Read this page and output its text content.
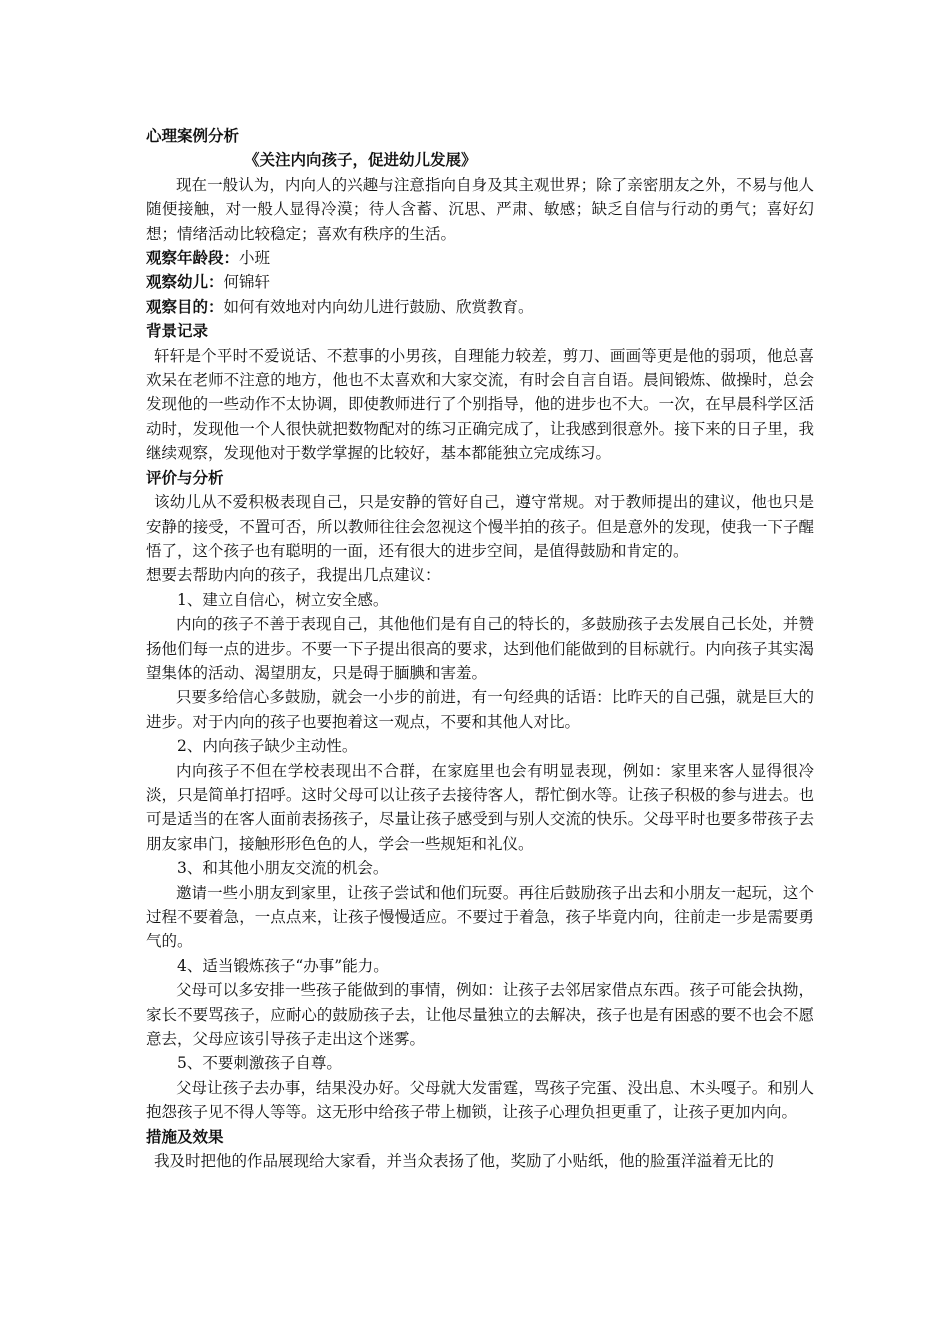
心理案例分析

《关注内向孩子，促进幼儿发展》

现在一般认为，内向人的兴趣与注意指向自身及其主观世界；除了亲密朋友之外，不易与他人随便接触，对一般人显得冷漠；待人含蓄、沉思、严肃、敏感；缺乏自信与行动的勇气；喜好幻想；情绪活动比较稳定；喜欢有秩序的生活。

观察年龄段：小班

观察幼儿：何锦轩

观察目的：如何有效地对内向幼儿进行鼓励、欣赏教育。

背景记录

轩轩是个平时不爱说话、不惹事的小男孩，自理能力较差，剪刀、画画等更是他的弱项，他总喜欢呆在老师不注意的地方，他也不太喜欢和大家交流，有时会自言自语。晨间锻炼、做操时，总会发现他的一些动作不太协调，即使教师进行了个别指导，他的进步也不大。一次，在早晨科学区活动时，发现他一个人很快就把数物配对的练习正确完成了，让我感到很意外。接下来的日子里，我继续观察，发现他对于数学掌握的比较好，基本都能独立完成练习。

评价与分析

该幼儿从不爱积极表现自己，只是安静的管好自己，遵守常规。对于教师提出的建议，他也只是安静的接受，不置可否，所以教师往往会忽视这个慢半拍的孩子。但是意外的发现，使我一下子醒悟了，这个孩子也有聪明的一面，还有很大的进步空间，是值得鼓励和肯定的。

想要去帮助内向的孩子，我提出几点建议：

1、建立自信心，树立安全感。

内向的孩子不善于表现自己，其他他们是有自己的特长的，多鼓励孩子去发展自己长处，并赞扬他们每一点的进步。不要一下子提出很高的要求，达到他们能做到的目标就行。内向孩子其实渴望集体的活动、渴望朋友，只是碍于腼腆和害羞。

只要多给信心多鼓励，就会一小步的前进，有一句经典的话语：比昨天的自己强，就是巨大的进步。对于内向的孩子也要抱着这一观点，不要和其他人对比。

2、内向孩子缺少主动性。

内向孩子不但在学校表现出不合群，在家庭里也会有明显表现，例如：家里来客人显得很冷淡，只是简单打招呼。这时父母可以让孩子去接待客人，帮忙倒水等。让孩子积极的参与进去。也可是适当的在客人面前表扬孩子，尽量让孩子感受到与别人交流的快乐。父母平时也要多带孩子去朋友家串门，接触形形色色的人，学会一些规矩和礼仪。

3、和其他小朋友交流的机会。

邀请一些小朋友到家里，让孩子尝试和他们玩耍。再往后鼓励孩子出去和小朋友一起玩，这个过程不要着急，一点点来，让孩子慢慢适应。不要过于着急，孩子毕竟内向，往前走一步是需要勇气的。

4、适当锻炼孩子“办事”能力。

父母可以多安排一些孩子能做到的事情，例如：让孩子去邻居家借点东西。孩子可能会执拗，家长不要骂孩子，应耐心的鼓励孩子去，让他尽量独立的去解决，孩子也是有困惑的要不也会不愿意去，父母应该引导孩子走出这个迷雾。

5、不要刺激孩子自尊。

父母让孩子去办事，结果没办好。父母就大发雷霆，骂孩子完蛋、没出息、木头嘎子。和别人抱怨孩子见不得人等等。这无形中给孩子带上枷锁，让孩子心理负担更重了，让孩子更加内向。

措施及效果

我及时把他的作品展现给大家看，并当众表扬了他，奖励了小贴纸，他的脸蛋洋溢着无比的
